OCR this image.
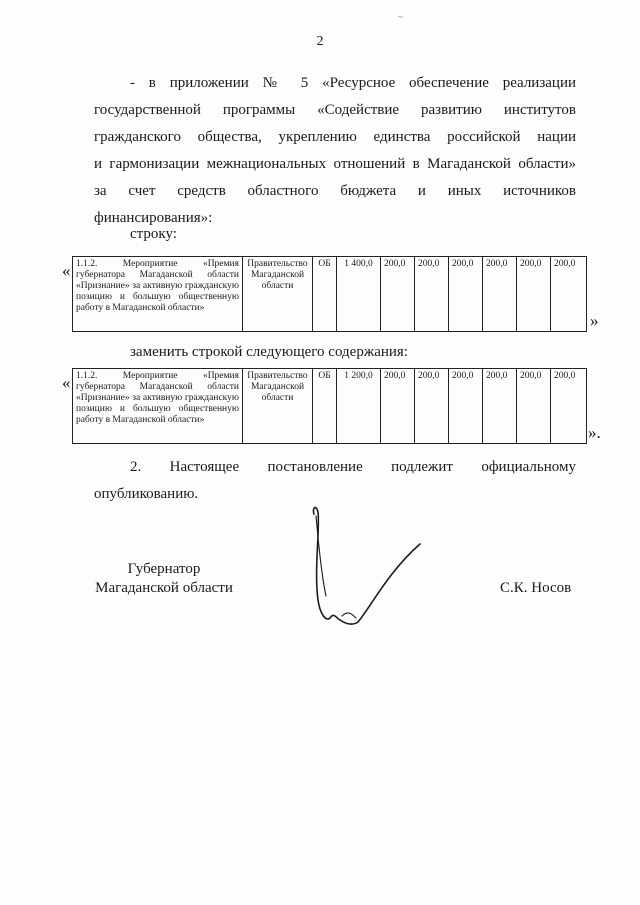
~
2
- в приложении № 5 «Ресурсное обеспечение реализации
государственной программы «Содействие развитию институтов
гражданского общества, укреплению единства российской нации
и гармонизации межнациональных отношений в Магаданской области»
за счет средств областного бюджета и иных источников
финансирования»:
строку:
« 1.1.2. Мероприятие «Премия губернатора Магаданской области «Признание» за активную гражданскую позицию и большую общественную работу в Магаданской области»	Правительство Магаданской области	ОБ	1 400,0	200,0	200,0	200,0	200,0	200,0	200,0
»
заменить строкой следующего содержания:
« 1.1.2. Мероприятие «Премия губернатора Магаданской области «Признание» за активную гражданскую позицию и большую общественную работу в Магаданской области»	Правительство Магаданской области	ОБ	1 200,0	200,0	200,0	200,0	200,0	200,0	200,0
».
2. Настоящее постановление подлежит официальному
опубликованию.
Губернатор
Магаданской области	С.К. Носов
